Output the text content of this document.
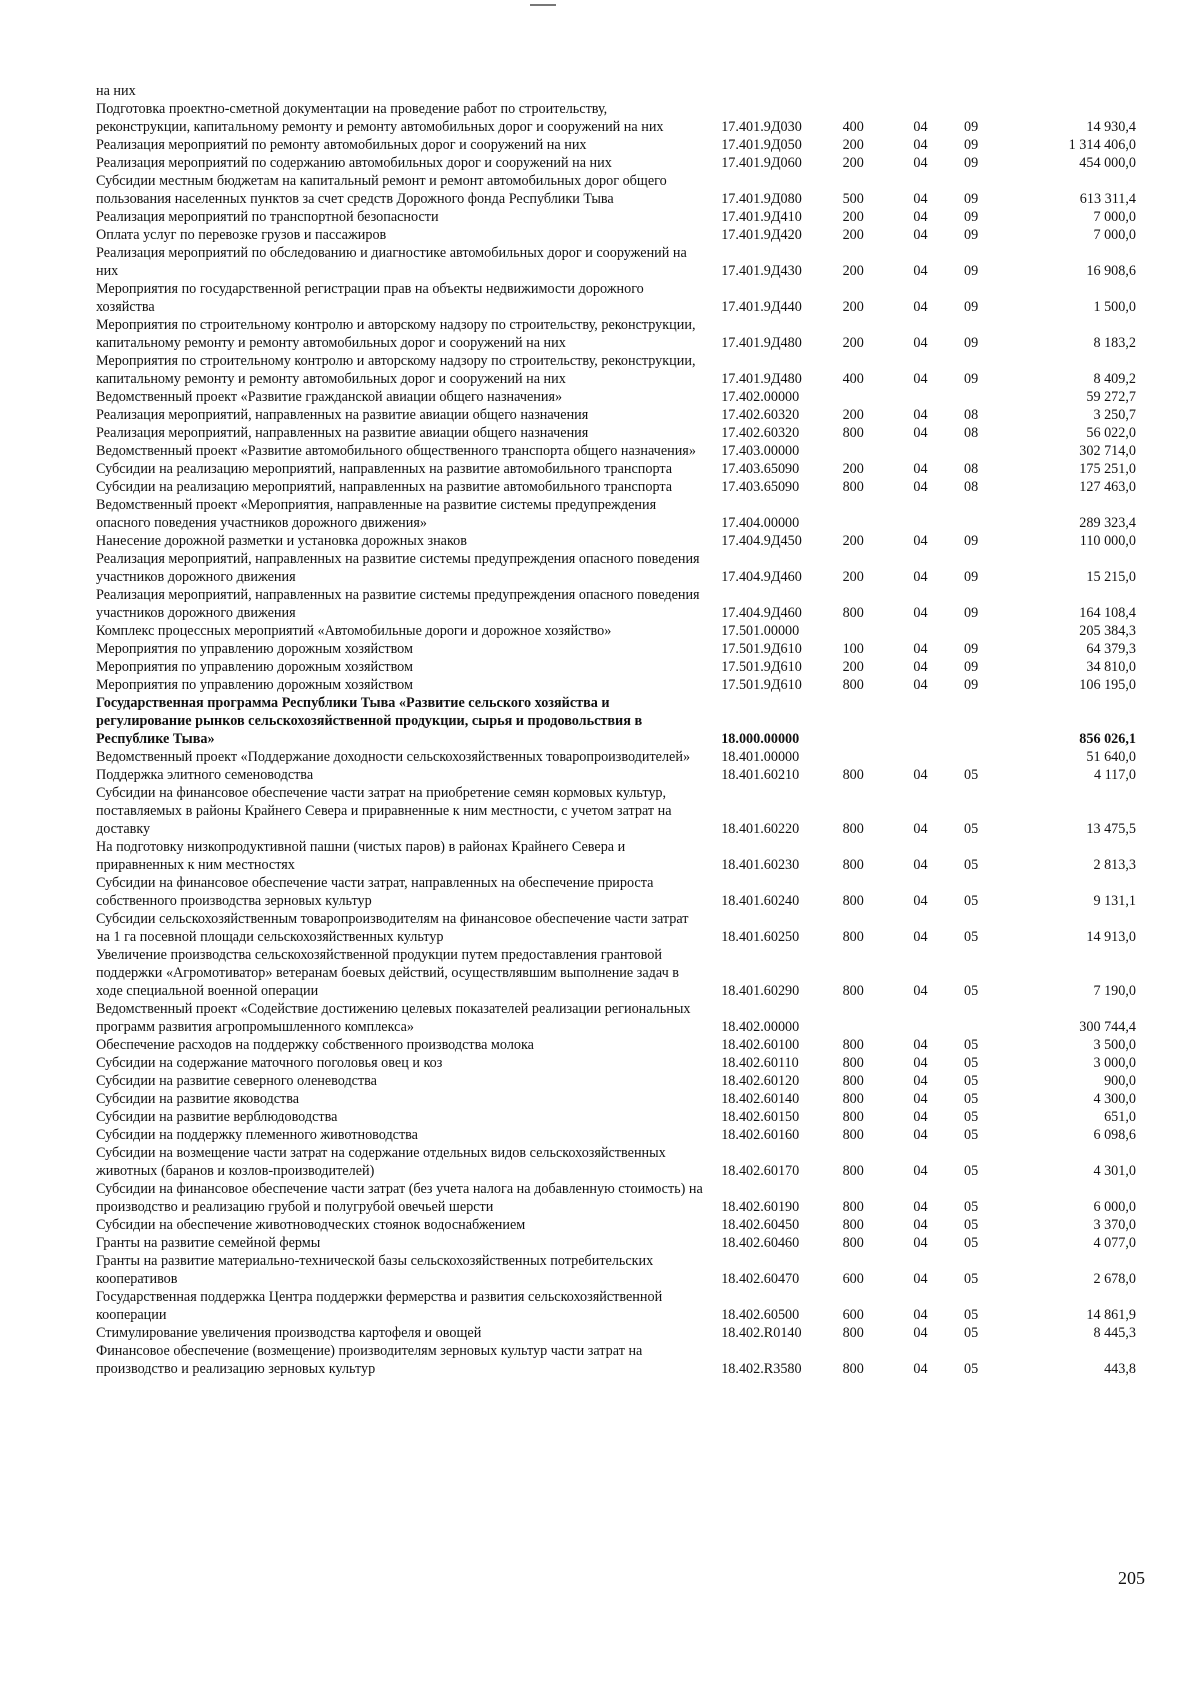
на них					
Подготовка проектно-сметной документации на проведение работ по строительству, реконструкции, капитальному ремонту и ремонту автомобильных дорог и сооружений на них	17.401.9Д030	400	04	09	14 930,4
Реализация мероприятий по ремонту автомобильных дорог и сооружений на них	17.401.9Д050	200	04	09	1 314 406,0
Реализация мероприятий по содержанию автомобильных дорог и сооружений на них	17.401.9Д060	200	04	09	454 000,0
Субсидии местным бюджетам на капитальный ремонт и ремонт автомобильных дорог общего пользования населенных пунктов за счет средств Дорожного фонда Республики Тыва	17.401.9Д080	500	04	09	613 311,4
Реализация мероприятий по транспортной безопасности	17.401.9Д410	200	04	09	7 000,0
Оплата услуг по перевозке грузов и пассажиров	17.401.9Д420	200	04	09	7 000,0
Реализация мероприятий по обследованию и диагностике автомобильных дорог и сооружений на них	17.401.9Д430	200	04	09	16 908,6
Мероприятия по государственной регистрации прав на объекты недвижимости дорожного хозяйства	17.401.9Д440	200	04	09	1 500,0
Мероприятия по строительному контролю и авторскому надзору по строительству, реконструкции, капитальному ремонту и ремонту автомобильных дорог и сооружений на них	17.401.9Д480	200	04	09	8 183,2
Мероприятия по строительному контролю и авторскому надзору по строительству, реконструкции, капитальному ремонту и ремонту автомобильных дорог и сооружений на них	17.401.9Д480	400	04	09	8 409,2
Ведомственный проект «Развитие гражданской авиации общего назначения»	17.402.00000				59 272,7
Реализация мероприятий, направленных на развитие авиации общего назначения	17.402.60320	200	04	08	3 250,7
Реализация мероприятий, направленных на развитие авиации общего назначения	17.402.60320	800	04	08	56 022,0
Ведомственный проект «Развитие автомобильного общественного транспорта общего назначения»	17.403.00000				302 714,0
Субсидии на реализацию мероприятий, направленных на развитие автомобильного транспорта	17.403.65090	200	04	08	175 251,0
Субсидии на реализацию мероприятий, направленных на развитие автомобильного транспорта	17.403.65090	800	04	08	127 463,0
Ведомственный проект «Мероприятия, направленные на развитие системы предупреждения опасного поведения участников дорожного движения»	17.404.00000				289 323,4
Нанесение дорожной разметки и установка дорожных знаков	17.404.9Д450	200	04	09	110 000,0
Реализация мероприятий, направленных на развитие системы предупреждения опасного поведения участников дорожного движения	17.404.9Д460	200	04	09	15 215,0
Реализация мероприятий, направленных на развитие системы предупреждения опасного поведения участников дорожного движения	17.404.9Д460	800	04	09	164 108,4
Комплекс процессных мероприятий «Автомобильные дороги и дорожное хозяйство»	17.501.00000				205 384,3
Мероприятия по управлению дорожным хозяйством	17.501.9Д610	100	04	09	64 379,3
Мероприятия по управлению дорожным хозяйством	17.501.9Д610	200	04	09	34 810,0
Мероприятия по управлению дорожным хозяйством	17.501.9Д610	800	04	09	106 195,0
Государственная программа Республики Тыва «Развитие сельского хозяйства и регулирование рынков сельскохозяйственной продукции, сырья и продовольствия в Республике Тыва»	18.000.00000				856 026,1
Ведомственный проект «Поддержание доходности сельскохозяйственных товаропроизводителей»	18.401.00000				51 640,0
Поддержка элитного семеноводства	18.401.60210	800	04	05	4 117,0
Субсидии на финансовое обеспечение части затрат на приобретение семян кормовых культур, поставляемых в районы Крайнего Севера и приравненные к ним местности, с учетом затрат на доставку	18.401.60220	800	04	05	13 475,5
На подготовку низкопродуктивной пашни (чистых паров) в районах Крайнего Севера и приравненных к ним местностях	18.401.60230	800	04	05	2 813,3
Субсидии на финансовое обеспечение части затрат, направленных на обеспечение прироста собственного производства зерновых культур	18.401.60240	800	04	05	9 131,1
Субсидии сельскохозяйственным товаропроизводителям на финансовое обеспечение части затрат на 1 га посевной площади сельскохозяйственных культур	18.401.60250	800	04	05	14 913,0
Увеличение производства сельскохозяйственной продукции путем предоставления грантовой поддержки «Агромотиватор» ветеранам боевых действий, осуществлявшим выполнение задач в ходе специальной военной операции	18.401.60290	800	04	05	7 190,0
Ведомственный проект «Содействие достижению целевых показателей реализации региональных программ развития агропромышленного комплекса»	18.402.00000				300 744,4
Обеспечение расходов на поддержку собственного производства молока	18.402.60100	800	04	05	3 500,0
Субсидии на содержание маточного поголовья овец и коз	18.402.60110	800	04	05	3 000,0
Субсидии на развитие северного оленеводства	18.402.60120	800	04	05	900,0
Субсидии на развитие яководства	18.402.60140	800	04	05	4 300,0
Субсидии на развитие верблюдоводства	18.402.60150	800	04	05	651,0
Субсидии на поддержку племенного животноводства	18.402.60160	800	04	05	6 098,6
Субсидии на возмещение части затрат на содержание отдельных видов сельскохозяйственных животных (баранов и козлов-производителей)	18.402.60170	800	04	05	4 301,0
Субсидии на финансовое обеспечение части затрат (без учета налога на добавленную стоимость) на производство и реализацию грубой и полугрубой овечьей шерсти	18.402.60190	800	04	05	6 000,0
Субсидии на обеспечение животноводческих стоянок водоснабжением	18.402.60450	800	04	05	3 370,0
Гранты на развитие семейной фермы	18.402.60460	800	04	05	4 077,0
Гранты на развитие материально-технической базы сельскохозяйственных потребительских кооперативов	18.402.60470	600	04	05	2 678,0
Государственная поддержка Центра поддержки фермерства и развития сельскохозяйственной кооперации	18.402.60500	600	04	05	14 861,9
Стимулирование увеличения производства картофеля и овощей	18.402.R0140	800	04	05	8 445,3
Финансовое обеспечение (возмещение) производителям зерновых культур части затрат на производство и реализацию зерновых культур	18.402.R3580	800	04	05	443,8
205
